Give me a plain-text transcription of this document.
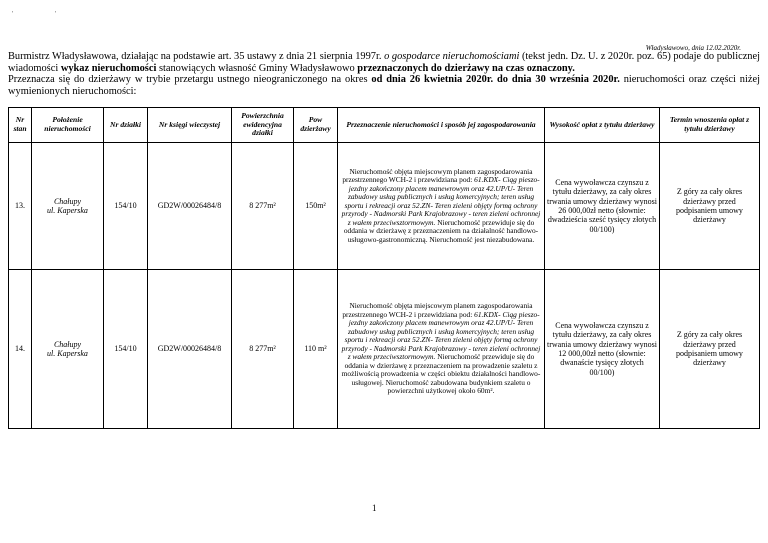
' '
Władysławowo, dnia 12.02.2020r.

Burmistrz Władysławowa, działając na podstawie art. 35 ustawy z dnia 21 sierpnia 1997r. o gospodarce nieruchomościami (tekst jedn. Dz. U. z 2020r. poz. 65) podaje do publicznej wiadomości wykaz nieruchomości stanowiących własność Gminy Władysławowo przeznaczonych do dzierżawy na czas oznaczony.

Przeznacza się do dzierżawy w trybie przetargu ustnego nieograniczonego na okres od dnia 26 kwietnia 2020r. do dnia 30 września 2020r. nieruchomości oraz części niżej wymienionych nieruchomości:

Nr stan	Położenie nieruchomości	Nr działki	Nr księgi wieczystej	Powierzchnia ewidencyjna działki	Pow dzierżawy	Przeznaczenie nieruchomości i sposób jej zagospodarowania	Wysokość opłat z tytułu dzierżawy	Termin wnoszenia opłat z tytułu dzierżawy
13.	Chałupy
ul. Kaperska	154/10	GD2W/00026484/8	8 277m²	150m²	Nieruchomość objęta miejscowym planem zagospodarowania przestrzennego WCH-2 i przewidziana pod: 61.KDX- Ciąg pieszo-jezdny zakończony placem manewrowym oraz 42.UP/U- Teren zabudowy usług publicznych i usług komercyjnych; teren usług sportu i rekreacji oraz 52.ZN- Teren zieleni objęty formą ochrony przyrody - Nadmorski Park Krajobrazowy - teren zieleni ochronnej z wałem przeciwsztormowym. Nieruchomość przewiduje się do oddania w dzierżawę z przeznaczeniem na działalność handlowo-usługowo-gastronomiczną. Nieruchomość jest niezabudowana.	Cena wywoławcza czynszu z tytułu dzierżawy, za cały okres trwania umowy dzierżawy wynosi 26 000,00zł netto (słownie: dwadzieścia sześć tysięcy złotych 00/100)	Z góry za cały okres dzierżawy przed podpisaniem umowy dzierżawy
14.	Chałupy
ul. Kaperska	154/10	GD2W/00026484/8	8 277m²	110 m²	Nieruchomość objęta miejscowym planem zagospodarowania przestrzennego WCH-2 i przewidziana pod: 61.KDX- Ciąg pieszo-jezdny zakończony placem manewrowym oraz 42.UP/U- Teren zabudowy usług publicznych i usług komercyjnych; teren usług sportu i rekreacji oraz 52.ZN- Teren zieleni objęty formą ochrony przyrody - Nadmorski Park Krajobrazowy - teren zieleni ochronnej z wałem przeciwsztormowym. Nieruchomość przewiduje się do oddania w dzierżawę z przeznaczeniem na prowadzenie szaletu z możliwością prowadzenia w części obiektu działalności handlowo-usługowej. Nieruchomość zabudowana budynkiem szaletu o powierzchni użytkowej około 60m².	Cena wywoławcza czynszu z tytułu dzierżawy, za cały okres trwania umowy dzierżawy wynosi 12 000,00zł netto (słownie: dwanaście tysięcy złotych 00/100)	Z góry za cały okres dzierżawy przed podpisaniem umowy dzierżawy
1
